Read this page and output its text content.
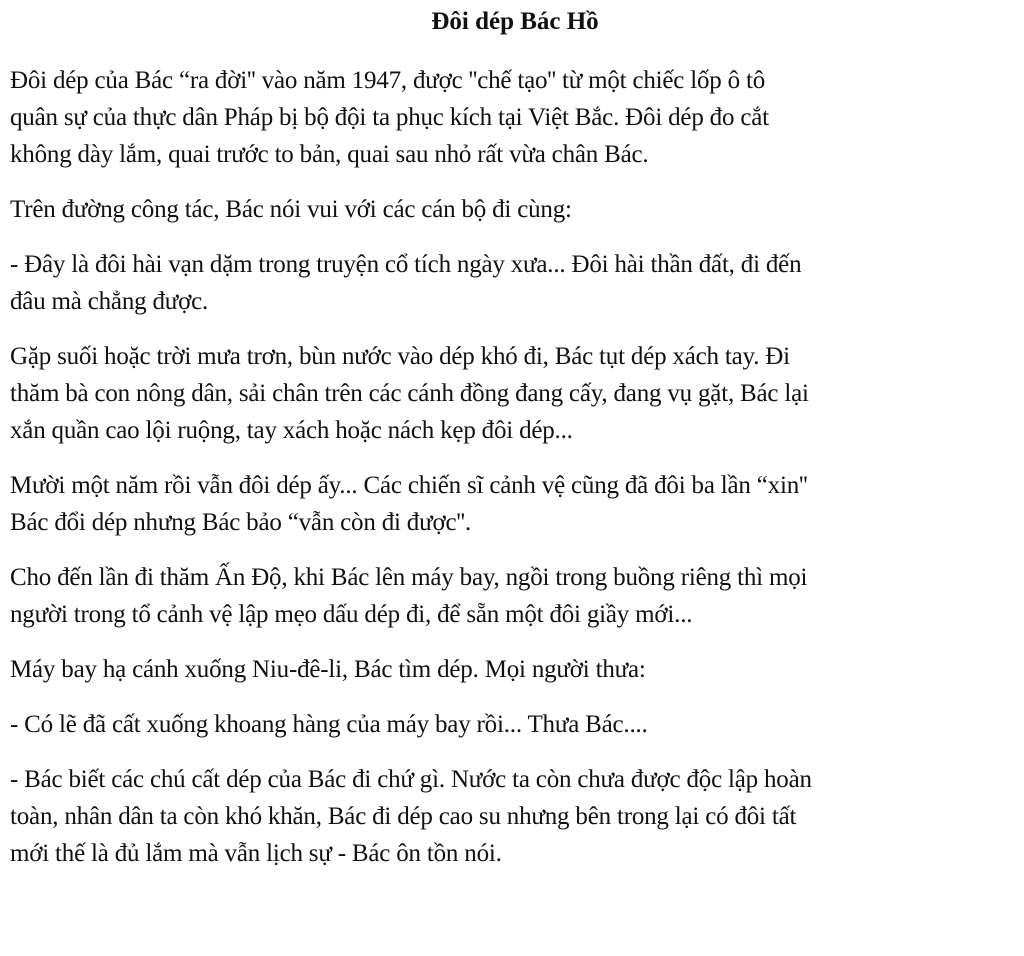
Đôi dép Bác Hồ

Đôi dép của Bác “ra đời'' vào năm 1947, được ''chế tạo'' từ một chiếc lốp ô tô
quân sự của thực dân Pháp bị bộ đội ta phục kích tại Việt Bắc. Đôi dép đo cắt
không dày lắm, quai trước to bản, quai sau nhỏ rất vừa chân Bác.

Trên đường công tác, Bác nói vui với các cán bộ đi cùng:

- Đây là đôi hài vạn dặm trong truyện cổ tích ngày xưa... Đôi hài thần đất, đi đến
đâu mà chẳng được.

Gặp suối hoặc trời mưa trơn, bùn nước vào dép khó đi, Bác tụt dép xách tay. Đi
thăm bà con nông dân, sải chân trên các cánh đồng đang cấy, đang vụ gặt, Bác lại
xắn quần cao lội ruộng, tay xách hoặc nách kẹp đôi dép...

Mười một năm rồi vẫn đôi dép ấy... Các chiến sĩ cảnh vệ cũng đã đôi ba lần “xin''
Bác đổi dép nhưng Bác bảo “vẫn còn đi được''.

Cho đến lần đi thăm Ấn Độ, khi Bác lên máy bay, ngồi trong buồng riêng thì mọi
người trong tổ cảnh vệ lập mẹo dấu dép đi, để sẵn một đôi giầy mới...

Máy bay hạ cánh xuống Niu-đê-li, Bác tìm dép. Mọi người thưa:

- Có lẽ đã cất xuống khoang hàng của máy bay rồi... Thưa Bác....

- Bác biết các chú cất dép của Bác đi chứ gì. Nước ta còn chưa được độc lập hoàn
toàn, nhân dân ta còn khó khăn, Bác đi dép cao su nhưng bên trong lại có đôi tất
mới thế là đủ lắm mà vẫn lịch sự - Bác ôn tồn nói.
